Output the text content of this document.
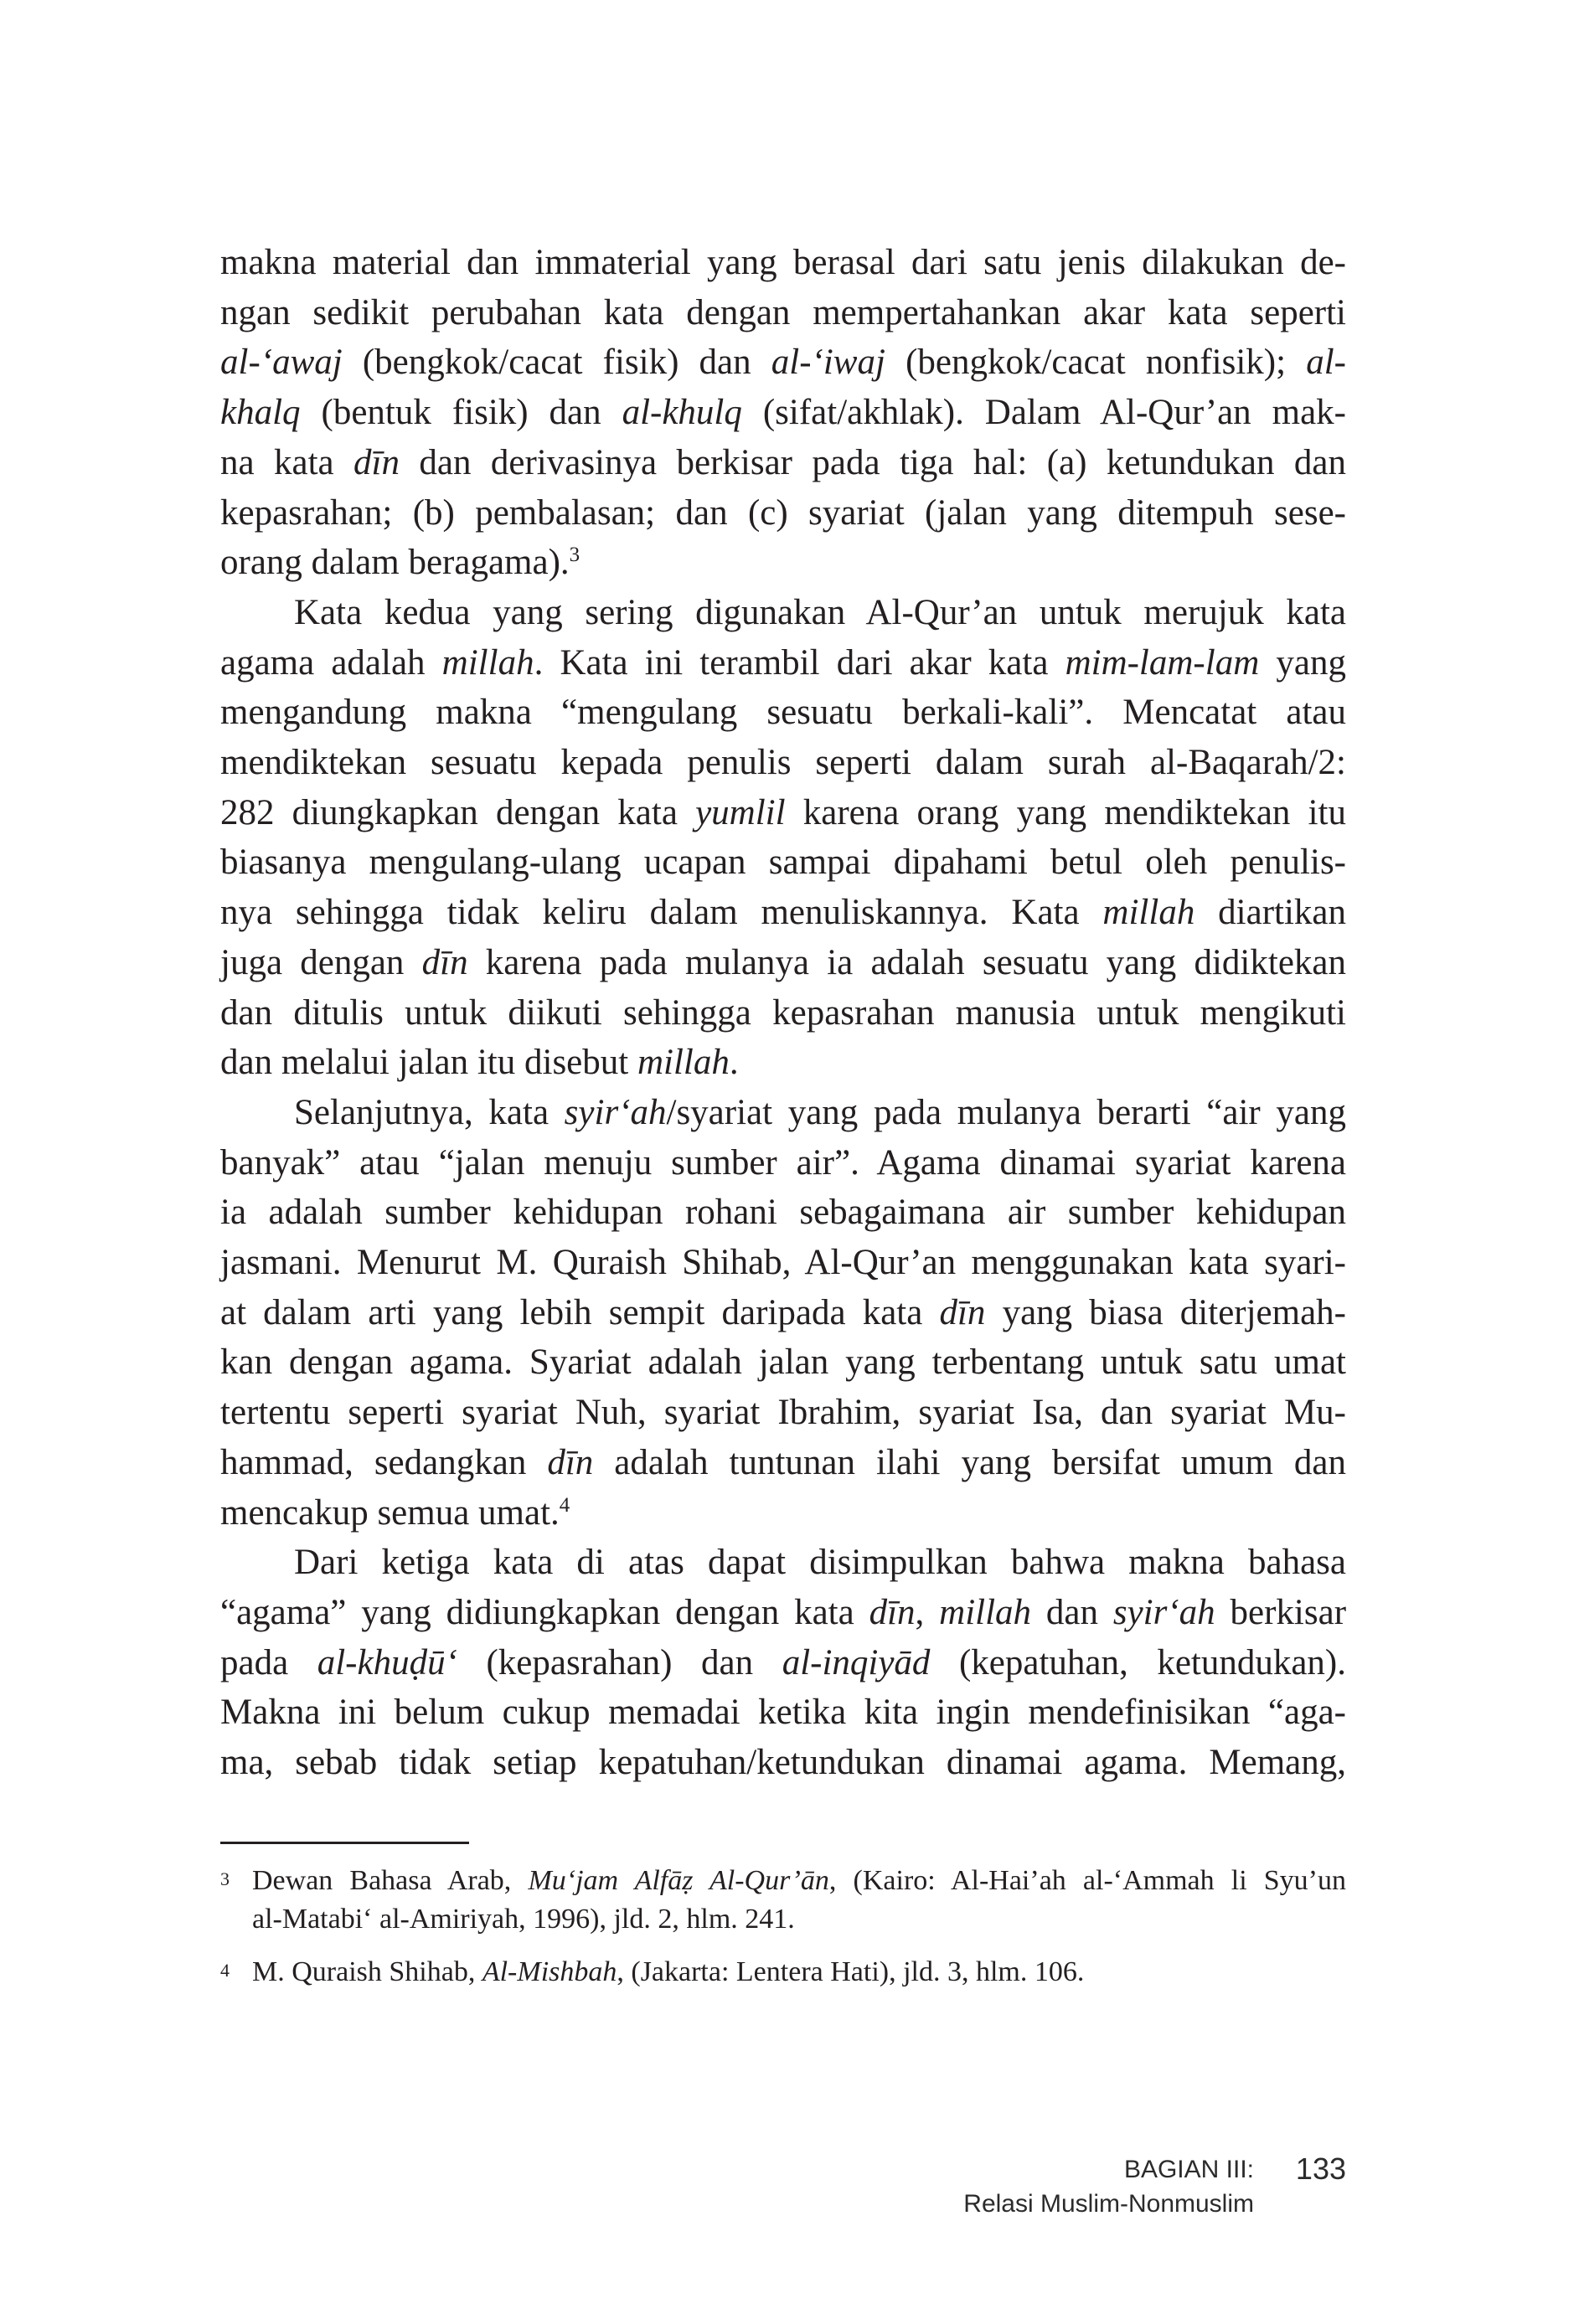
makna material dan immaterial yang berasal dari satu jenis dilakukan de-
ngan sedikit perubahan kata dengan mempertahankan akar kata seperti
al-‘awaj (bengkok/cacat fisik) dan al-‘iwaj (bengkok/cacat nonfisik); al-
khalq (bentuk fisik) dan al-khulq (sifat/akhlak). Dalam Al-Qur’an mak-
na kata dīn dan derivasinya berkisar pada tiga hal: (a) ketundukan dan
kepasrahan; (b) pembalasan; dan (c) syariat (jalan yang ditempuh sese-
orang dalam beragama).$^3$
Kata kedua yang sering digunakan Al-Qur’an untuk merujuk kata
agama adalah millah. Kata ini terambil dari akar kata mim-lam-lam yang
mengandung makna “mengulang sesuatu berkali-kali”. Mencatat atau
mendiktekan sesuatu kepada penulis seperti dalam surah al-Baqarah/2:
282 diungkapkan dengan kata yumlil karena orang yang mendiktekan itu
biasanya mengulang-ulang ucapan sampai dipahami betul oleh penulis-
nya sehingga tidak keliru dalam menuliskannya. Kata millah diartikan
juga dengan dīn karena pada mulanya ia adalah sesuatu yang didiktekan
dan ditulis untuk diikuti sehingga kepasrahan manusia untuk mengikuti
dan melalui jalan itu disebut millah.
Selanjutnya, kata syir‘ah/syariat yang pada mulanya berarti “air yang
banyak” atau “jalan menuju sumber air”. Agama dinamai syariat karena
ia adalah sumber kehidupan rohani sebagaimana air sumber kehidupan
jasmani. Menurut M. Quraish Shihab, Al-Qur’an menggunakan kata syari-
at dalam arti yang lebih sempit daripada kata dīn yang biasa diterjemah-
kan dengan agama. Syariat adalah jalan yang terbentang untuk satu umat
tertentu seperti syariat Nuh, syariat Ibrahim, syariat Isa, dan syariat Mu-
hammad, sedangkan dīn adalah tuntunan ilahi yang bersifat umum dan
mencakup semua umat.$^4$
Dari ketiga kata di atas dapat disimpulkan bahwa makna bahasa
“agama” yang didiungkapkan dengan kata dīn, millah dan syir‘ah berkisar
pada al-khuḍū‘ (kepasrahan) dan al-inqiyād (kepatuhan, ketundukan).
Makna ini belum cukup memadai ketika kita ingin mendefinisikan “aga-
ma, sebab tidak setiap kepatuhan/ketundukan dinamai agama. Memang,
3 Dewan Bahasa Arab, Mu‘jam Alfāẓ Al-Qur’ān, (Kairo: Al-Hai’ah al-‘Ammah li Syu’un
al-Matabi‘ al-Amiriyah, 1996), jld. 2, hlm. 241.
4 M. Quraish Shihab, Al-Mishbah, (Jakarta: Lentera Hati), jld. 3, hlm. 106.
BAGIAN III:
Relasi Muslim-Nonmuslim
133
